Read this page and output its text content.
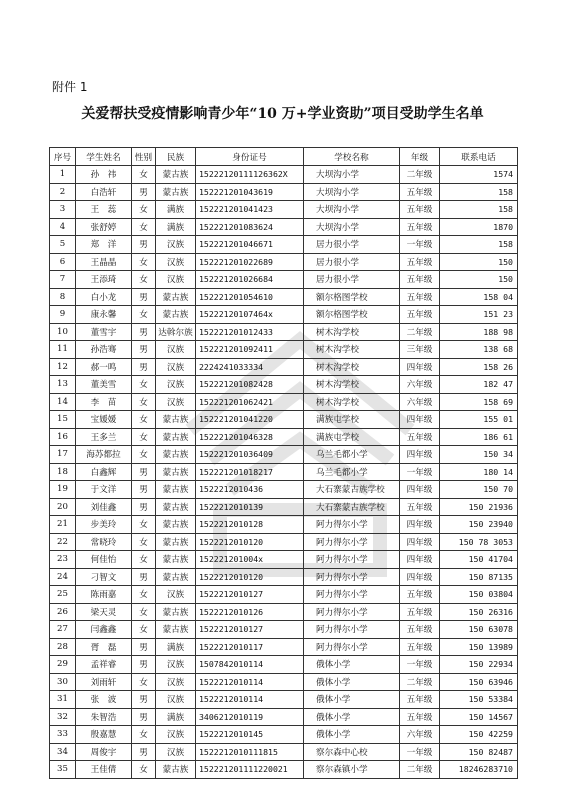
附件 1
关爱帮扶受疫情影响青少年“10 万+学业资助”项目受助学生名单
序号	学生姓名	性别	民族	身份证号	学校名称	年级	联系电话
1	孙　祎	女	蒙古族	15222120111126362X	大坝沟小学	二年级	1574
2	白浩轩	男	蒙古族	152221201043619	大坝沟小学	五年级	158
3	王　蕊	女	满族	152221201041423	大坝沟小学	五年级	158
4	张舒婷	女	满族	152221201083624	大坝沟小学	五年级	1870
5	郑　洋	男	汉族	152221201046671	居力很小学	一年级	158
6	王晶晶	女	汉族	152221201022689	居力很小学	五年级	150
7	王添琦	女	汉族	152221201026684	居力很小学	五年级	150
8	白小龙	男	蒙古族	152221201054610	额尔格图学校	五年级	158 04
9	康永馨	女	蒙古族	15222120107464x	额尔格图学校	五年级	151 23
10	董雪宇	男	达斡尔族	152221201012433	树木沟学校	二年级	188 98
11	孙浩骞	男	汉族	152221201092411	树木沟学校	三年级	138 68
12	郝一鸣	男	汉族	2224241033334	树木沟学校	四年级	158 26
13	董美雪	女	汉族	152221201082428	树木沟学校	六年级	182 47
14	李　苗	女	汉族	152221201062421	树木沟学校	六年级	158 69
15	宝媛媛	女	蒙古族	152221201041220	满族屯学校	四年级	155 01
16	王多兰	女	蒙古族	152221201046328	满族屯学校	五年级	186 61
17	海苏都拉	女	蒙古族	152221201036409	乌兰毛都小学	四年级	150 34
18	白鑫辉	男	蒙古族	152221201018217	乌兰毛都小学	一年级	180 14
19	于文洋	男	蒙古族	1522212010436	大石寨蒙古族学校	四年级	150 70
20	刘佳鑫	男	蒙古族	1522212010139	大石寨蒙古族学校	五年级	150 21936
21	步美玲	女	蒙古族	1522212010128	阿力得尔小学	四年级	150 23940
22	常晓玲	女	蒙古族	1522212010120	阿力得尔小学	四年级	150 78 3053
23	何佳怡	女	蒙古族	152221201004x	阿力得尔小学	四年级	150 41704
24	刁智文	男	蒙古族	1522212010120	阿力得尔小学	四年级	150 87135
25	陈雨嘉	女	汉族	1522212010127	阿力得尔小学	五年级	150 03804
26	梁天灵	女	蒙古族	1522212010126	阿力得尔小学	五年级	150 26316
27	闫鑫鑫	女	蒙古族	1522212010127	阿力得尔小学	五年级	150 63078
28	胥　磊	男	满族	1522212010117	阿力得尔小学	五年级	150 13989
29	孟祥睿	男	汉族	1507842010114	俄体小学	一年级	150 22934
30	刘雨轩	女	汉族	1522212010114	俄体小学	二年级	150 63946
31	张　波	男	汉族	1522212010114	俄体小学	五年级	150 53384
32	朱智浩	男	满族	3406212010119	俄体小学	五年级	150 14567
33	殷嘉慧	女	汉族	1522212010145	俄体小学	六年级	150 42259
34	周俊宇	男	汉族	1522212010111815	察尔森中心校	一年级	150 82487
35	王佳倩	女	蒙古族	152221201111220021	察尔森镇小学	二年级	18246283710
